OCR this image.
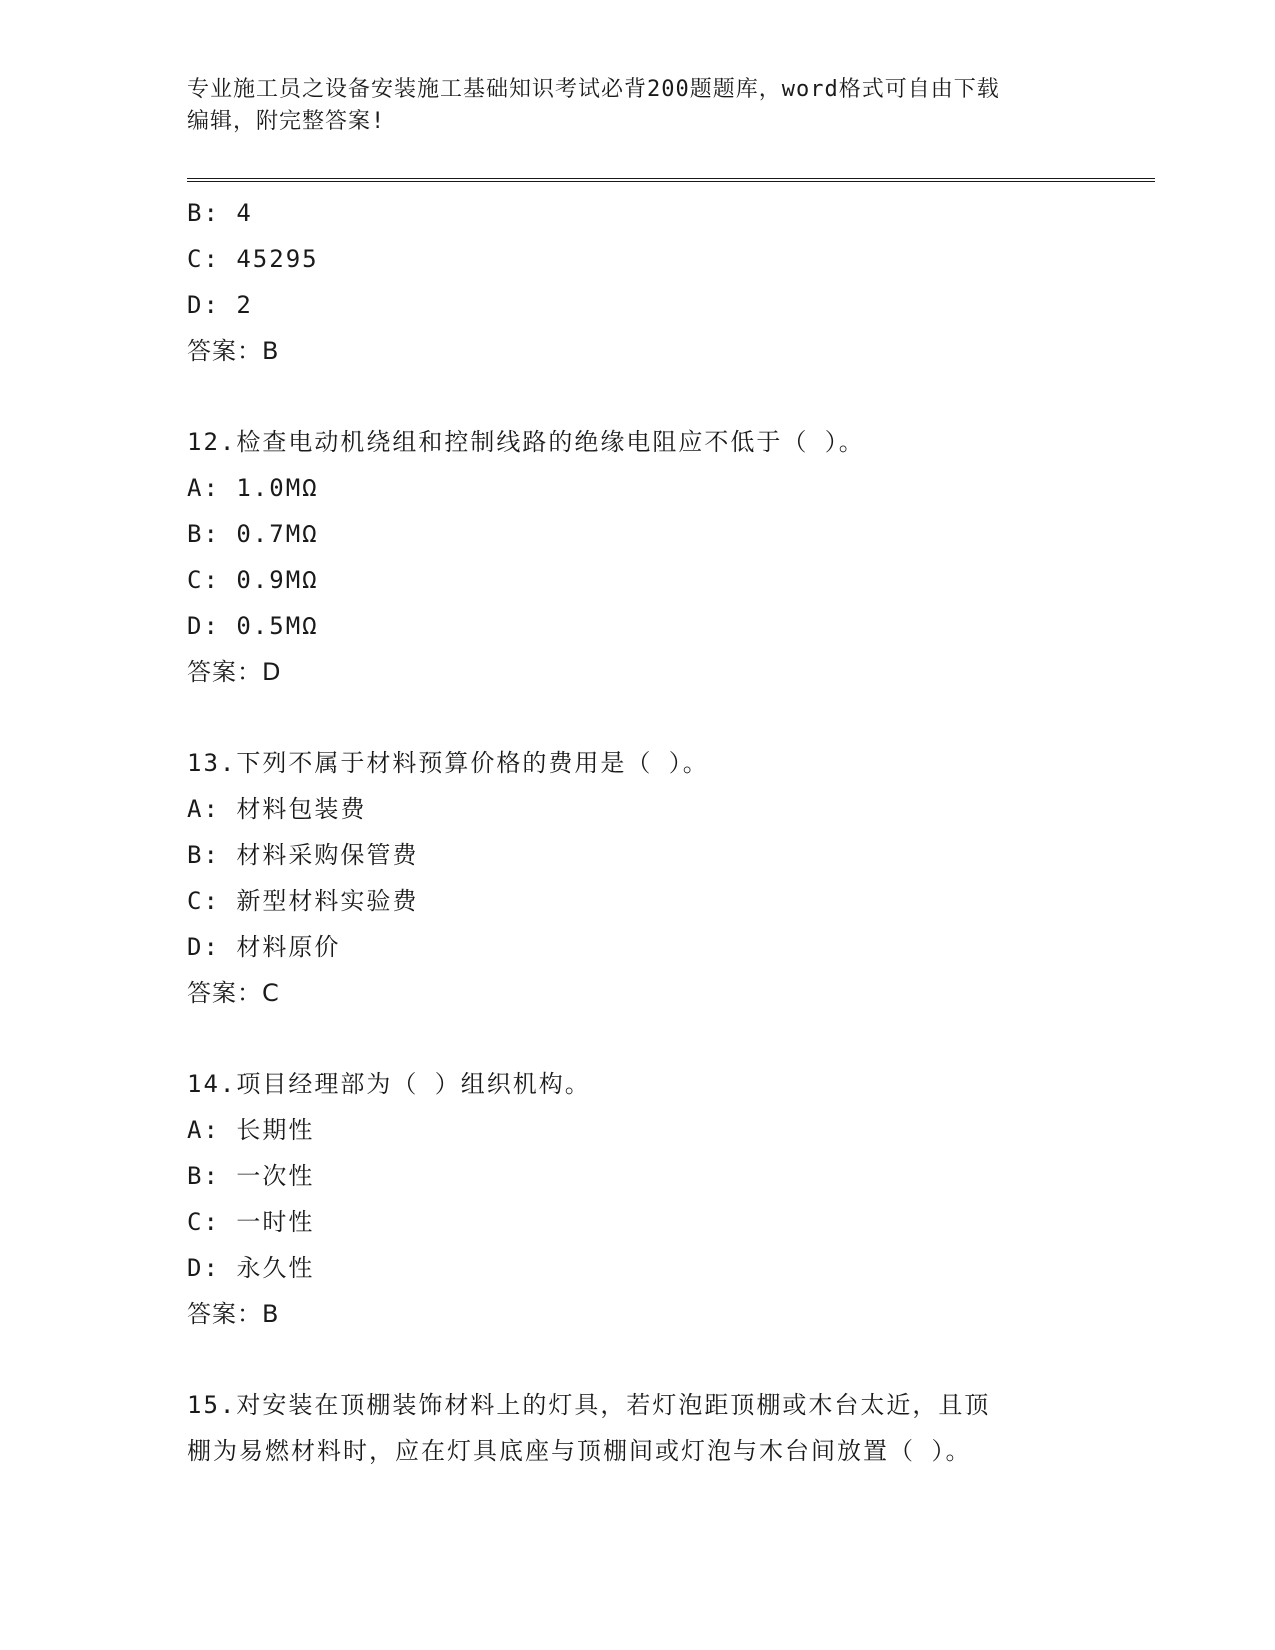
专业施工员之设备安装施工基础知识考试必背200题题库，word格式可自由下载
编辑，附完整答案!
B: 4
C: 45295
D: 2
答案：B
12.检查电动机绕组和控制线路的绝缘电阻应不低于（ ）。
A: 1.0MΩ
B: 0.7MΩ
C: 0.9MΩ
D: 0.5MΩ
答案：D
13.下列不属于材料预算价格的费用是（ ）。
A: 材料包装费
B: 材料采购保管费
C: 新型材料实验费
D: 材料原价
答案：C
14.项目经理部为（ ）组织机构。
A: 长期性
B: 一次性
C: 一时性
D: 永久性
答案：B
15.对安装在顶棚装饰材料上的灯具，若灯泡距顶棚或木台太近，且顶
棚为易燃材料时，应在灯具底座与顶棚间或灯泡与木台间放置（ ）。
